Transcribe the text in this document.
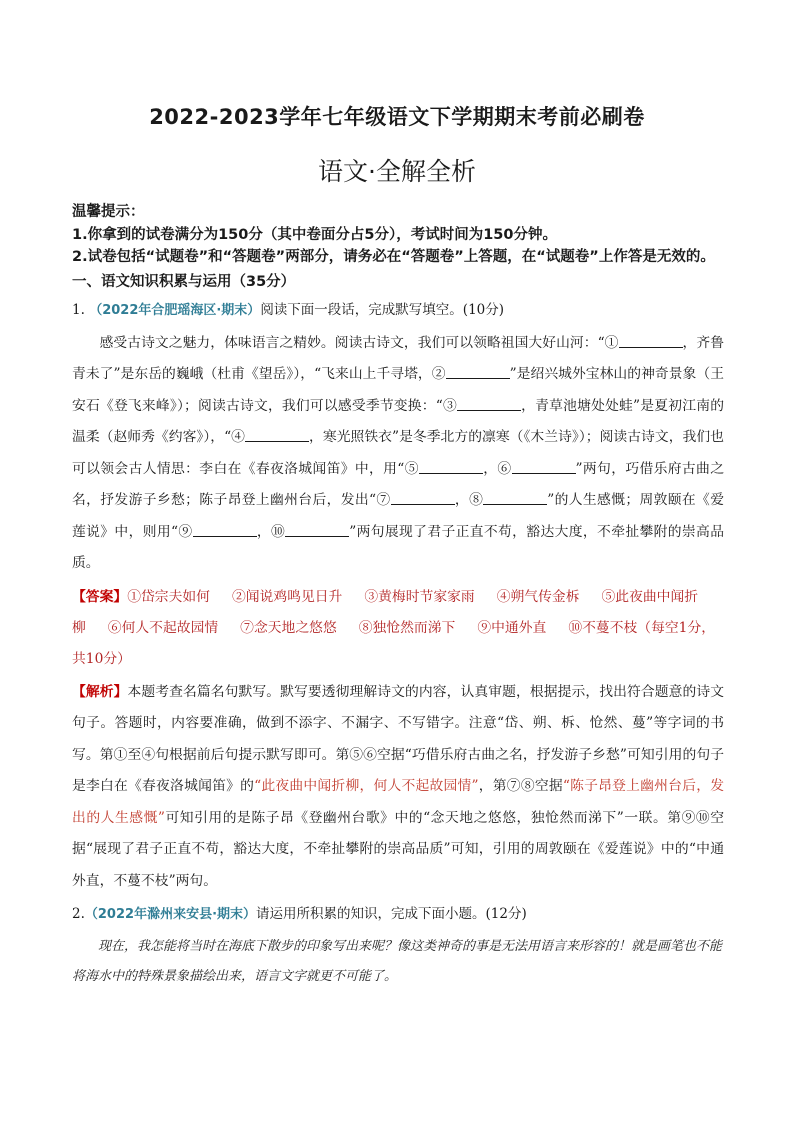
2022-2023学年七年级语文下学期期末考前必刷卷
语文·全解全析

温馨提示：

1.你拿到的试卷满分为150分（其中卷面分占5分），考试时间为150分钟。

2.试卷包括“试题卷”和“答题卷”两部分，请务必在“答题卷”上答题，在“试题卷”上作答是无效的。

一、语文知识积累与运用（35分）
1. （2022年合肥瑶海区·期末）阅读下面一段话，完成默写填空。(10分)
感受古诗文之魅力，体味语言之精妙。阅读古诗文，我们可以领略祖国大好山河：“①	，齐鲁青未了”是东岳的巍峨（杜甫《望岳》），“飞来山上千寻塔，②	”是绍兴城外宝林山的神奇景象（王安石《登飞来峰》）；阅读古诗文，我们可以感受季节变换：“③	，青草池塘处处蛙”是夏初江南的温柔（赵师秀《约客》），“④	，寒光照铁衣”是冬季北方的凛寒（《木兰诗》）；阅读古诗文，我们也可以领会古人情思：李白在《春夜洛城闻笛》中，用“⑤	，⑥	”两句，巧借乐府古曲之名，抒发游子乡愁；陈子昂登上幽州台后，发出“⑦	，⑧	”的人生感慨；周敦颐在《爱莲说》中，则用“⑨	，⑩	”两句展现了君子正直不苟，豁达大度，不牵扯攀附的崇高品质。
【答案】①岱宗夫如何 ②闻说鸡鸣见日升 ③黄梅时节家家雨 ④朔气传金柝 ⑤此夜曲中闻折柳 ⑥何人不起故园情 ⑦念天地之悠悠 ⑧独怆然而涕下 ⑨中通外直 ⑩不蔓不枝（每空1分，共10分）
【解析】本题考查名篇名句默写。默写要透彻理解诗文的内容，认真审题，根据提示，找出符合题意的诗文句子。答题时，内容要准确，做到不添字、不漏字、不写错字。注意“岱、朔、柝、怆然、蔓”等字词的书写。第①至④句根据前后句提示默写即可。第⑤⑥空据“巧借乐府古曲之名，抒发游子乡愁”可知引用的句子是李白在《春夜洛城闻笛》的“此夜曲中闻折柳，何人不起故园情”，第⑦⑧空据“陈子昂登上幽州台后，发出的人生感慨”可知引用的是陈子昂《登幽州台歌》中的“念天地之悠悠，独怆然而涕下”一联。第⑨⑩空据“展现了君子正直不苟，豁达大度，不牵扯攀附的崇高品质”可知，引用的周敦颐在《爱莲说》中的“中通外直，不蔓不枝”两句。
2.（2022年滁州来安县·期末）请运用所积累的知识，完成下面小题。(12分)
现在，我怎能将当时在海底下散步的印象写出来呢？像这类神奇的事是无法用语言来形容的！就是画笔也不能将海水中的特殊景象描绘出来，语言文字就更不可能了。
